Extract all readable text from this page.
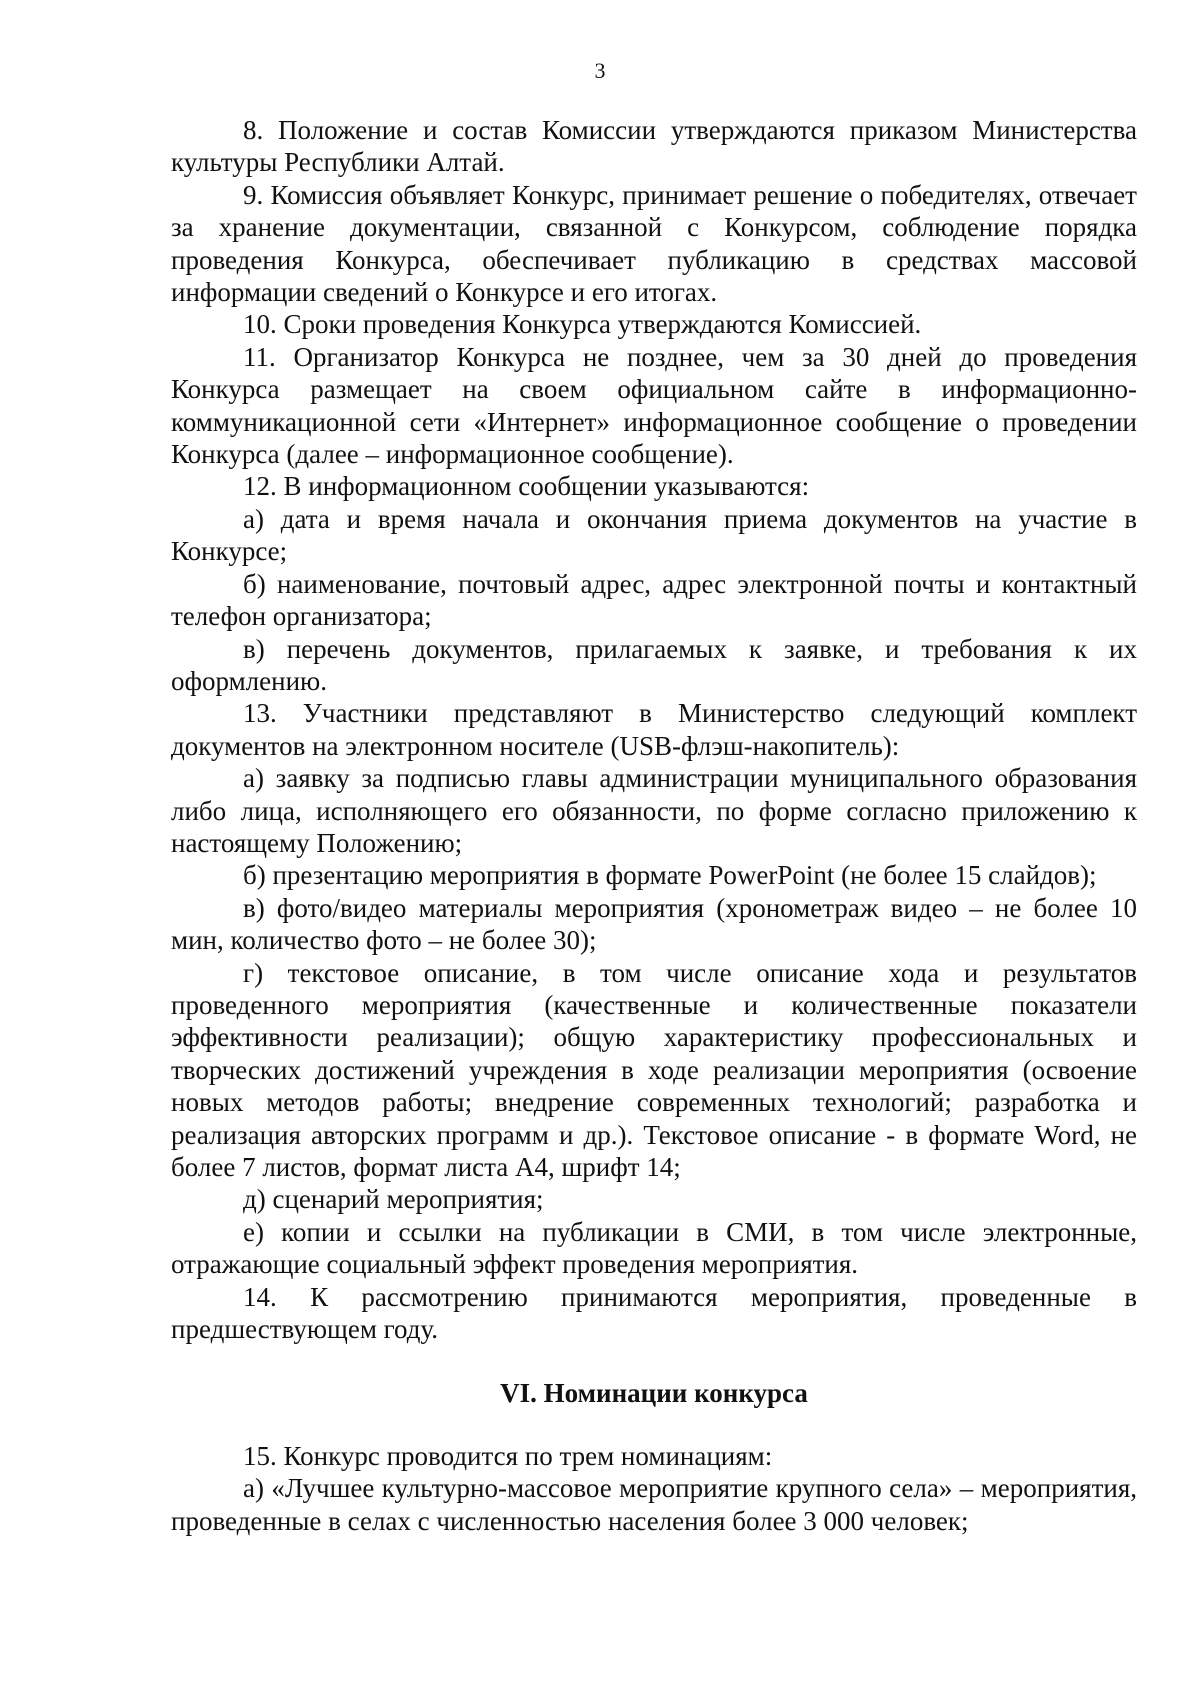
3

8. Положение и состав Комиссии утверждаются приказом Министерства культуры Республики Алтай.

9. Комиссия объявляет Конкурс, принимает решение о победителях, отвечает за хранение документации, связанной с Конкурсом, соблюдение порядка проведения Конкурса, обеспечивает публикацию в средствах массовой информации сведений о Конкурсе и его итогах.

10. Сроки проведения Конкурса утверждаются Комиссией.

11. Организатор Конкурса не позднее, чем за 30 дней до проведения Конкурса размещает на своем официальном сайте в информационно-коммуникационной сети «Интернет» информационное сообщение о проведении Конкурса (далее – информационное сообщение).

12. В информационном сообщении указываются:

а) дата и время начала и окончания приема документов на участие в Конкурсе;

б) наименование, почтовый адрес, адрес электронной почты и контактный телефон организатора;

в) перечень документов, прилагаемых к заявке, и требования к их оформлению.

13. Участники представляют в Министерство следующий комплект документов на электронном носителе (USB-флэш-накопитель):

а) заявку за подписью главы администрации муниципального образования либо лица, исполняющего его обязанности, по форме согласно приложению к настоящему Положению;

б) презентацию мероприятия в формате PowerPoint (не более 15 слайдов);

в) фото/видео материалы мероприятия (хронометраж видео – не более 10 мин, количество фото – не более 30);

г) текстовое описание, в том числе описание хода и результатов проведенного мероприятия (качественные и количественные показатели эффективности реализации); общую характеристику профессиональных и творческих достижений учреждения в ходе реализации мероприятия (освоение новых методов работы; внедрение современных технологий; разработка и реализация авторских программ и др.). Текстовое описание - в формате Word, не более 7 листов, формат листа А4, шрифт 14;

д) сценарий мероприятия;

е) копии и ссылки на публикации в СМИ, в том числе электронные, отражающие социальный эффект проведения мероприятия.

14. К рассмотрению принимаются мероприятия, проведенные в предшествующем году.

VI. Номинации конкурса

15. Конкурс проводится по трем номинациям:

а) «Лучшее культурно-массовое мероприятие крупного села» – мероприятия, проведенные в селах с численностью населения более 3 000 человек;
